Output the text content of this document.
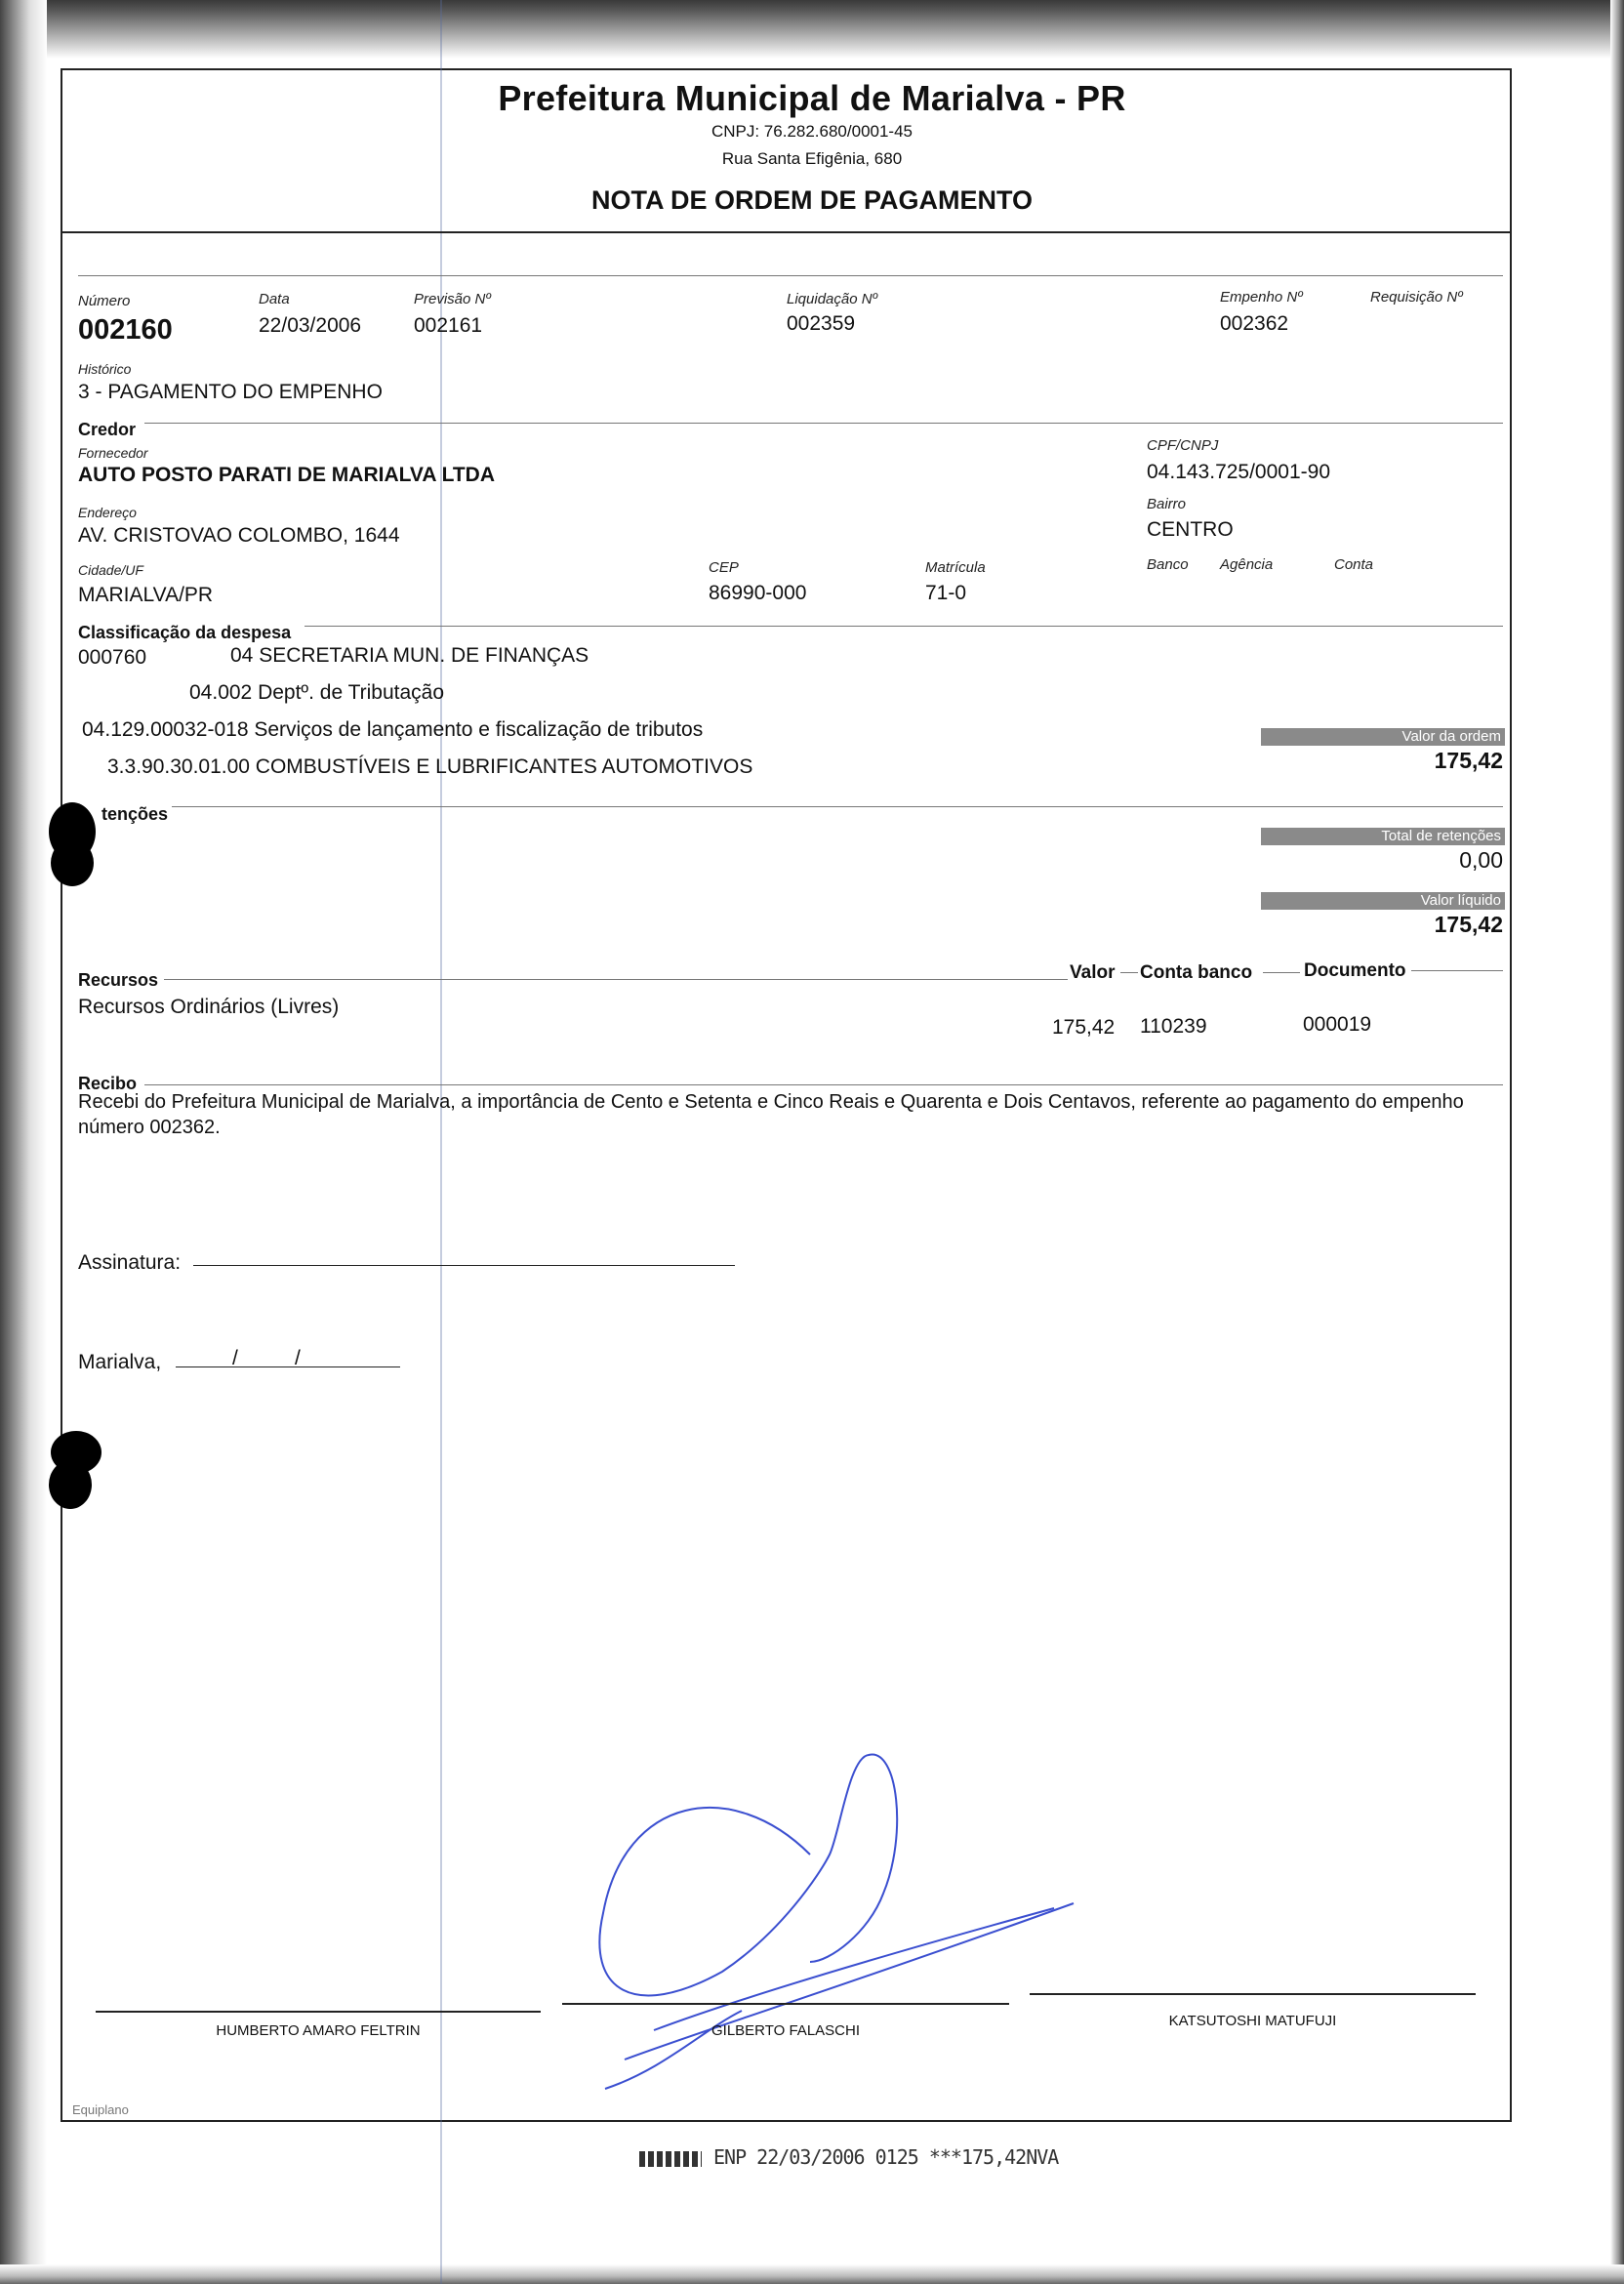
Prefeitura Municipal de Marialva - PR
CNPJ: 76.282.680/0001-45
Rua Santa Efigênia, 680
NOTA DE ORDEM DE PAGAMENTO
Número
002160
Data
22/03/2006
Previsão Nº
002161
Liquidação Nº
002359
Empenho Nº
002362
Requisição Nº
Histórico
3 - PAGAMENTO DO EMPENHO
Credor
Fornecedor
AUTO POSTO PARATI DE MARIALVA LTDA
CPF/CNPJ
04.143.725/0001-90
Endereço
AV. CRISTOVAO COLOMBO, 1644
Bairro
CENTRO
Cidade/UF
MARIALVA/PR
CEP
86990-000
Matrícula
71-0
Banco Agência	Conta
Classificação da despesa
000760	04 SECRETARIA MUN. DE FINANÇAS
04.002 Deptº. de Tributação
04.129.00032-018 Serviços de lançamento e fiscalização de tributos
3.3.90.30.01.00 COMBUSTÍVEIS E LUBRIFICANTES AUTOMOTIVOS
Valor da ordem
175,42
tenções
Total de retenções
0,00
Valor líquido
175,42
Recursos	Valor Conta banco	Documento
Recursos Ordinários (Livres)
175,42 110239	000019
Recibo
Recebi do Prefeitura Municipal de Marialva, a importância de Cento e Setenta e Cinco Reais e Quarenta e Dois Centavos, referente ao pagamento do empenho número 002362.
Assinatura:
Marialva,	/	/
HUMBERTO AMARO FELTRIN	GILBERTO FALASCHI
KATSUTOSHI MATUFUJI
Equiplano
ENP 22/03/2006 0125 ***175,42NVA
